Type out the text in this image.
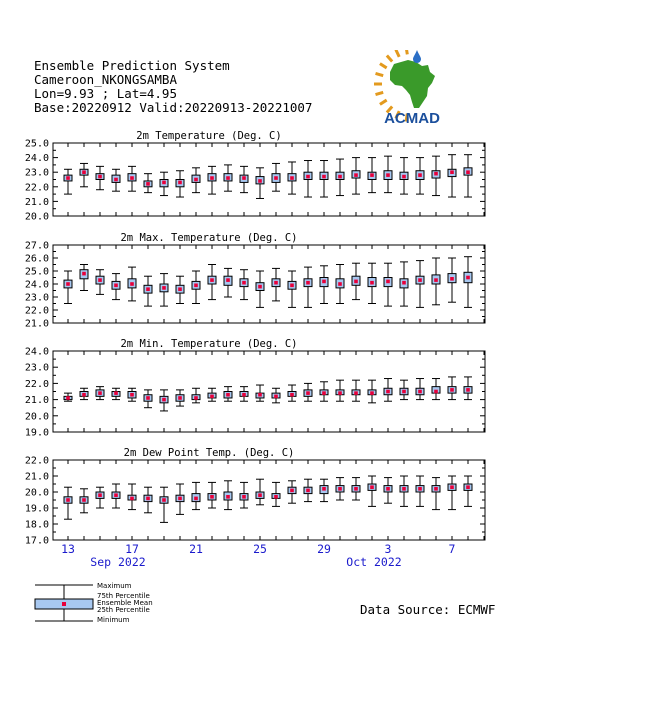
Ensemble Prediction System
Cameroon_NKONGSAMBA
Lon=9.93 ; Lat=4.95
Base:20220912 Valid:20220913-20221007
ACMAD
2m Temperature (Deg. C)
20.0
21.0
22.0
23.0
24.0
25.0
2m Max. Temperature (Deg. C)
21.0
22.0
23.0
24.0
25.0
26.0
27.0
2m Min. Temperature (Deg. C)
19.0
20.0
21.0
22.0
23.0
24.0
2m Dew Point Temp. (Deg. C)
17.0
18.0
19.0
20.0
21.0
22.0
13	17	21	25	29	3	7
Sep 2022	Oct 2022
Maximum
75th Percentile
Ensemble Mean
25th Percentile
Minimum
Data Source: ECMWF
